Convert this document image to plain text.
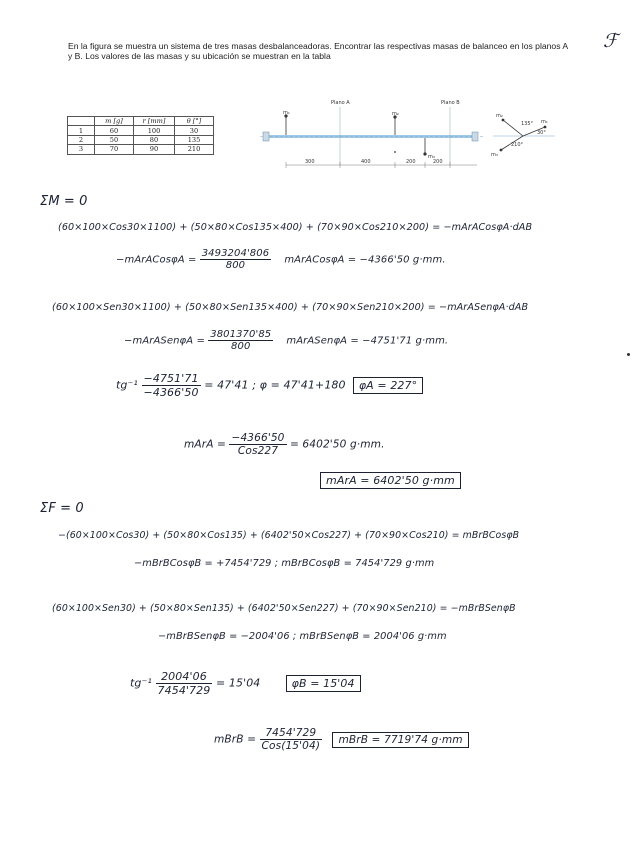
En la figura se muestra un sistema de tres masas desbalanceadoras. Encontrar las respectivas masas de balanceo en los planos A y B. Los valores de las masas y su ubicación se muestran en la tabla

ℱ
	m [g]	r [mm]	θ [°]
1	60	100	30
2	50	80	135
3	70	90	210
m₁
Plano A
m₂
m₃
Plano B
300	400	200	200
m₂
m₁
m₃
135°
30°
210°
ΣM = 0
(60×100×Cos30×1100) + (50×80×Cos135×400) + (70×90×Cos210×200) = −mArACosφA·dAB
−mArACosφA = $\frac{3493204'806}{800}$ mArACosφA = −4366'50 g·mm.
(60×100×Sen30×1100) + (50×80×Sen135×400) + (70×90×Sen210×200) = −mArASenφA·dAB
−mArASenφA = $\frac{3801370'85}{800}$ mArASenφA = −4751'71 g·mm.
$tg^{-1} \frac{-4751'71}{-4366'50} = 47'41$ ; φ = 47'41+180 φA = 227°
mArA = $\frac{-4366'50}{\text{Cos227}} = 6402'50$ g·mm.
mArA = 6402'50 g·mm
ΣF = 0
−(60×100×Cos30) + (50×80×Cos135) + (6402'50×Cos227) + (70×90×Cos210) = mBrBCosφB
−mBrBCosφB = +7454'729 ; mBrBCosφB = 7454'729 g·mm
(60×100×Sen30) + (50×80×Sen135) + (6402'50×Sen227) + (70×90×Sen210) = −mBrBSenφB
−mBrBSenφB = −2004'06 ; mBrBSenφB = 2004'06 g·mm
$tg^{-1} \frac{2004'06}{7454'729} = 15'04$	φB = 15'04
mBrB = $\frac{7454'729}{\text{Cos(15'04)}}$ mBrB = 7719'74 g·mm
